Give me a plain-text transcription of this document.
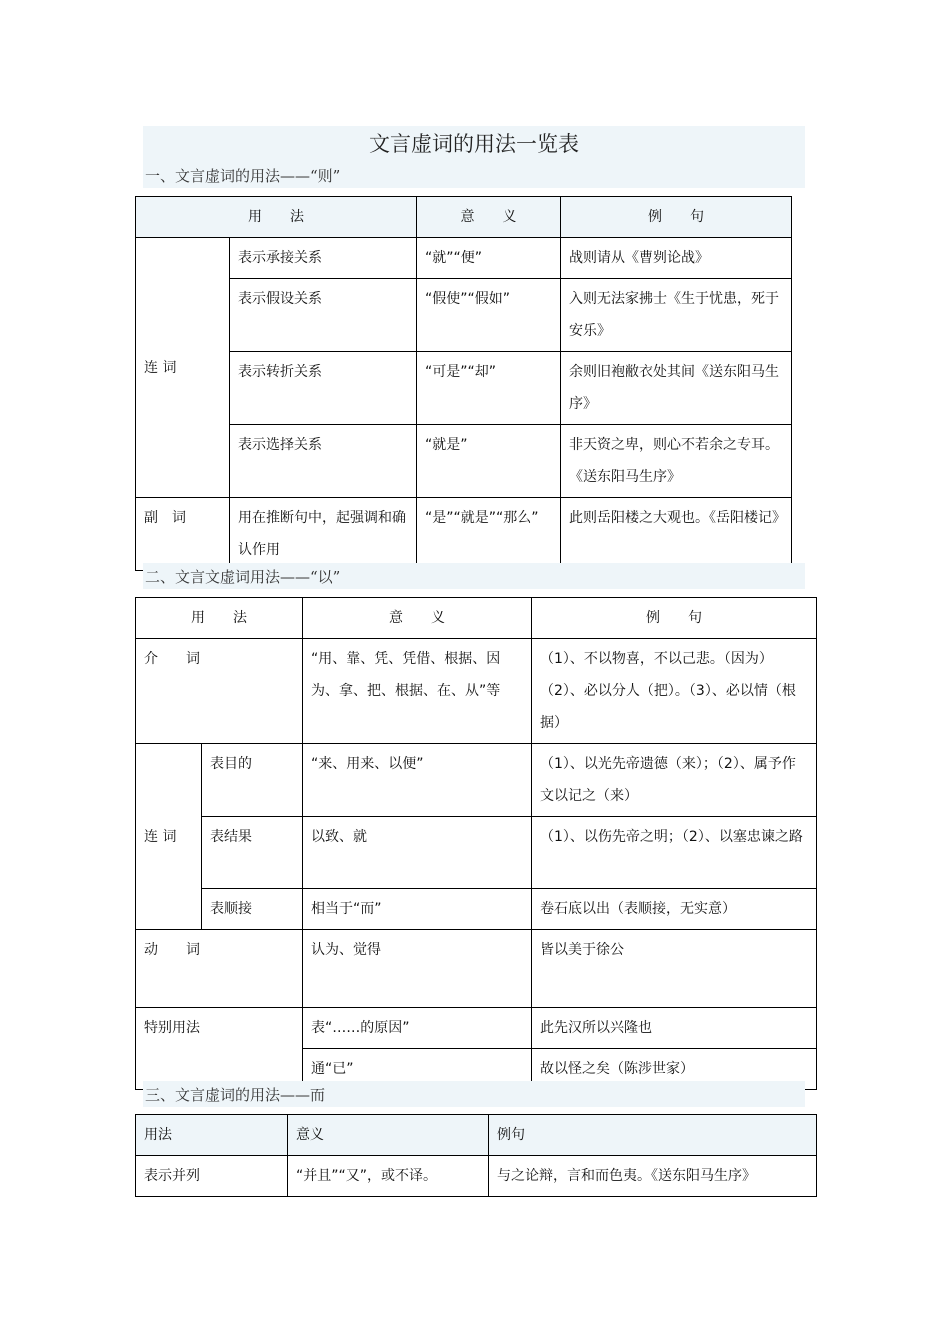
文言虚词的用法一览表
一、文言虚词的用法——“则”
用　　法		意　　义	例　　句
连 词	表示承接关系	“就”“便”	战则请从《曹刿论战》
	表示假设关系	“假使”“假如”	入则无法家拂士《生于忧患，死于安乐》
	表示转折关系	“可是”“却”	余则旧袍敝衣处其间《送东阳马生序》
	表示选择关系	“就是”	非天资之卑，则心不若余之专耳。《送东阳马生序》
副　词	用在推断句中，起强调和确认作用	“是”“就是”“那么”	此则岳阳楼之大观也。《岳阳楼记》
二、文言文虚词用法——“以”
用　　法		意　　义	例　　句
介　　词		“用、靠、凭、凭借、根据、因为、拿、把、根据、在、从”等	（1）、不以物喜，不以己悲。（因为）（2）、必以分人（把）。（3）、必以情（根据）
连 词	表目的	“来、用来、以便”	（1）、以光先帝遗德（来）；（2）、属予作文以记之（来）
	表结果	以致、就	（1）、以伤先帝之明；（2）、以塞忠谏之路
	表顺接	相当于“而”	卷石底以出（表顺接，无实意）
动　　词		认为、觉得	皆以美于徐公
特别用法		表“……的原因”	此先汉所以兴隆也
		通“已”	故以怪之矣（陈涉世家）
三、文言虚词的用法——而
用法	意义	例句
表示并列	“并且”“又”，或不译。	与之论辩，言和而色夷。《送东阳马生序》
